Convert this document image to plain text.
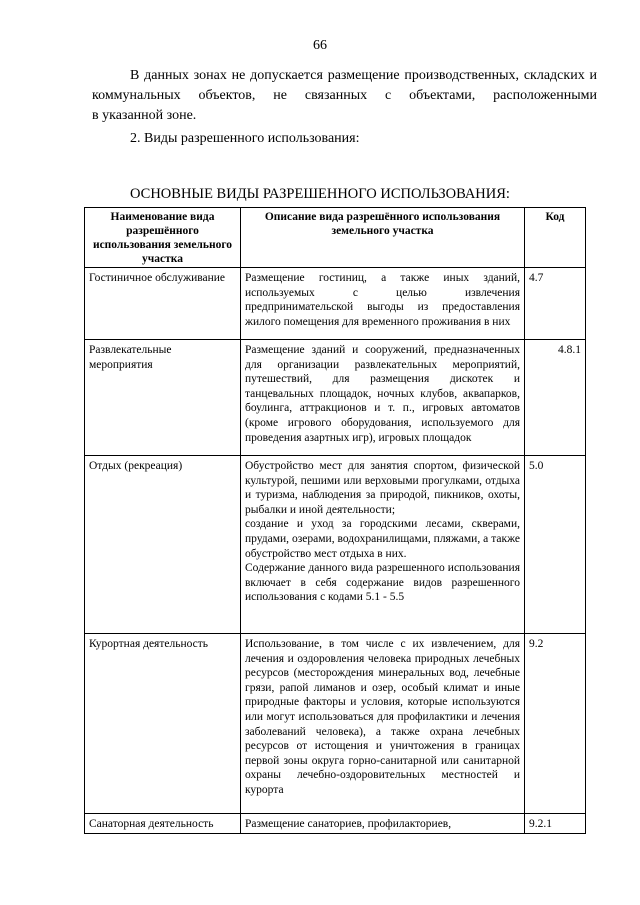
66

В данных зонах не допускается размещение производственных, складских и коммунальных объектов, не связанных с объектами, расположенными

в указанной зоне.

2. Виды разрешенного использования:

ОСНОВНЫЕ ВИДЫ РАЗРЕШЕННОГО ИСПОЛЬЗОВАНИЯ:
Наименование вида разрешённого использования земельного участка	Описание вида разрешённого использования земельного участка	Код
Гостиничное обслуживание	Размещение гостиниц, а также иных зданий, используемых с целью извлечения предпринимательской выгоды из предоставления жилого помещения для временного проживания в них	4.7
Развлекательные мероприятия	Размещение зданий и сооружений, предназначенных для организации развлекательных мероприятий, путешествий, для размещения дискотек и танцевальных площадок, ночных клубов, аквапарков, боулинга, аттракционов и т. п., игровых автоматов (кроме игрового оборудования, используемого для проведения азартных игр), игровых площадок	4.8.1
Отдых (рекреация)	Обустройство мест для занятия спортом, физической культурой, пешими или верховыми прогулками, отдыха и туризма, наблюдения за природой, пикников, охоты, рыбалки и иной деятельности;
создание и уход за городскими лесами, скверами, прудами, озерами, водохранилищами, пляжами, а также обустройство мест отдыха в них.
Содержание данного вида разрешенного использования включает в себя содержание видов разрешенного использования с кодами 5.1 - 5.5	5.0
Курортная деятельность	Использование, в том числе с их извлечением, для лечения и оздоровления человека природных лечебных ресурсов (месторождения минеральных вод, лечебные грязи, рапой лиманов и озер, особый климат и иные природные факторы и условия, которые используются или могут использоваться для профилактики и лечения заболеваний человека), а также охрана лечебных ресурсов от истощения и уничтожения в границах первой зоны округа горно-санитарной или санитарной охраны лечебно-оздоровительных местностей и курорта	9.2
Санаторная деятельность	Размещение санаториев, профилакториев,	9.2.1
